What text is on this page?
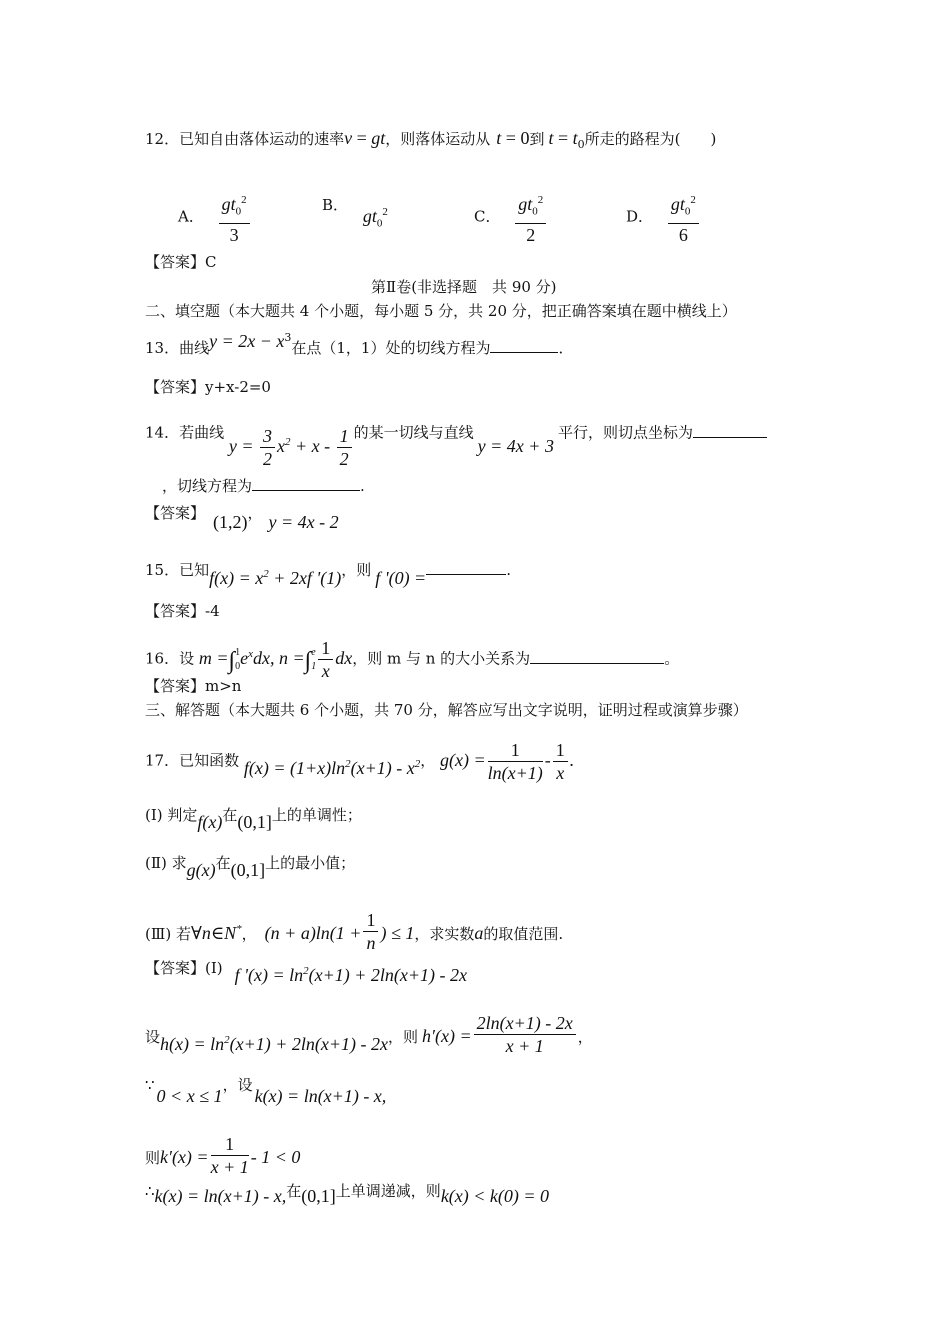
12．已知自由落体运动的速率v = gt，则落体运动从 t = 0到 $t = t_0$所走的路程为(　　)
A． $\frac{gt_0^2}{3}$	B． $gt_0^2$	C． $\frac{gt_0^2}{2}$	D． $\frac{gt_0^2}{6}$
【答案】C
第Ⅱ卷(非选择题　共 90 分)
二、填空题（本大题共 4 个小题，每小题 5 分，共 20 分，把正确答案填在题中横线上）
13．曲线$y = 2x - x^3$在点（1，1）处的切线方程为	．
【答案】y+x-2=0
14．若曲线 $y = \frac{3}{2} x^2 + x - \frac{1}{2}$ 的某一切线与直线y = 4x + 3平行，则切点坐标为
，切线方程为	.
【答案】 (1,2)， y = 4x - 2
15．已知$f(x) = x^2 + 2xf$ '(1)，则 f '(0) =	.
【答案】-4
16．设 m =∫ 1
0 $e^xdx$, n =∫ e
$1 \frac{1}{x}$ dx，则 m 与 n 的大小关系为	。
【答案】m>n
三、解答题（本大题共 6 个小题，共 70 分，解答应写出文字说明，证明过程或演算步骤）
17．已知函数 $f(x) = (1+x)\ln^2(x+1) - x^2$， $g(x) = \frac{1}{\ln(x+1)} - \frac{1}{x}$ .
(Ⅰ) 判定f(x)在(0,1]上的单调性；
(Ⅱ) 求g(x)在(0,1]上的最小值；
(Ⅲ) 若∀n∈N*， $(n + a)\ln(1 + \frac{1}{n}$ ) ≤ 1，求实数a的取值范围.
【答案】(Ⅰ) f '$(x) = \ln^2(x+1) + 2\ln(x+1) - 2x$
设$h(x) = \ln^2(x+1) + 2\ln(x+1) - 2x$，则 $h'(x) = \frac{2\ln(x+1) - 2x}{x + 1}$ ，
∵0 < x ≤ 1，设k(x) = ln(x+1) - x,
则$k'(x) = \frac{1}{x + 1} - 1 < 0$
∴k(x) = ln(x+1) - x,在(0,1]上单调递减，则k(x) < k(0) = 0
